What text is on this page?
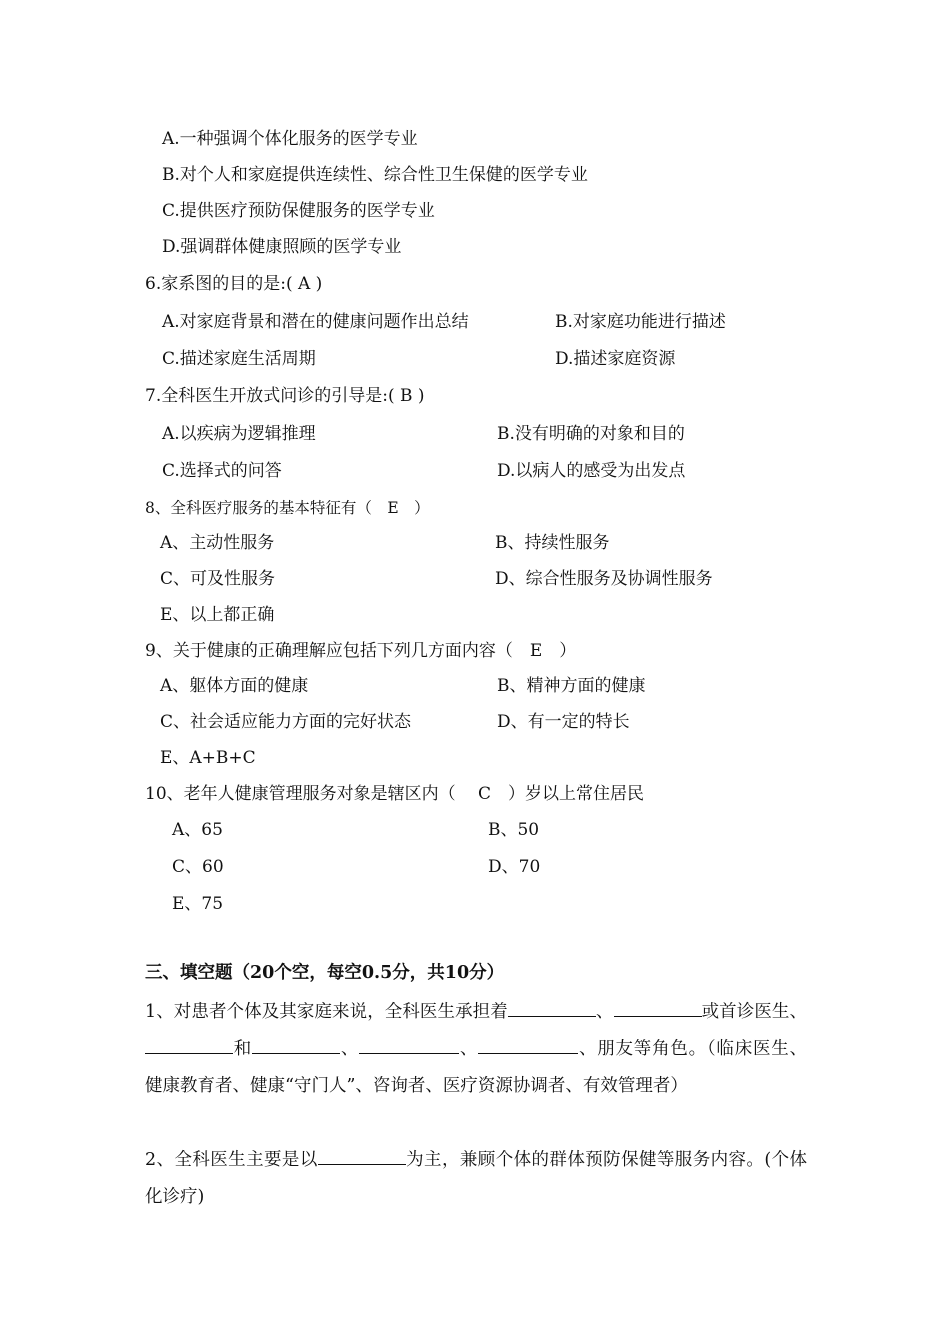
A.一种强调个体化服务的医学专业
B.对个人和家庭提供连续性、综合性卫生保健的医学专业
C.提供医疗预防保健服务的医学专业
D.强调群体健康照顾的医学专业
6.家系图的目的是:( A )
A.对家庭背景和潜在的健康问题作出总结	B.对家庭功能进行描述
C.描述家庭生活周期	D.描述家庭资源
7.全科医生开放式问诊的引导是:( B )
A.以疾病为逻辑推理	B.没有明确的对象和目的
C.选择式的问答	D.以病人的感受为出发点
8、全科医疗服务的基本特征有（　E　）
A、主动性服务	B、持续性服务
C、可及性服务	D、综合性服务及协调性服务
E、以上都正确
9、关于健康的正确理解应包括下列几方面内容（　E　）
A、躯体方面的健康	B、精神方面的健康
C、社会适应能力方面的完好状态	D、有一定的特长
E、A+B+C
10、老年人健康管理服务对象是辖区内（　 C　）岁以上常住居民
A、65	B、50
C、60	D、70
E、75
三、填空题（20个空，每空0.5分，共10分）
1、对患者个体及其家庭来说，全科医生承担着	、	或首诊医生、和	、	、	、朋友等角色。（临床医生、健康教育者、健康“守门人”、咨询者、医疗资源协调者、有效管理者）
2、全科医生主要是以	为主，兼顾个体的群体预防保健等服务内容。(个体化诊疗)
